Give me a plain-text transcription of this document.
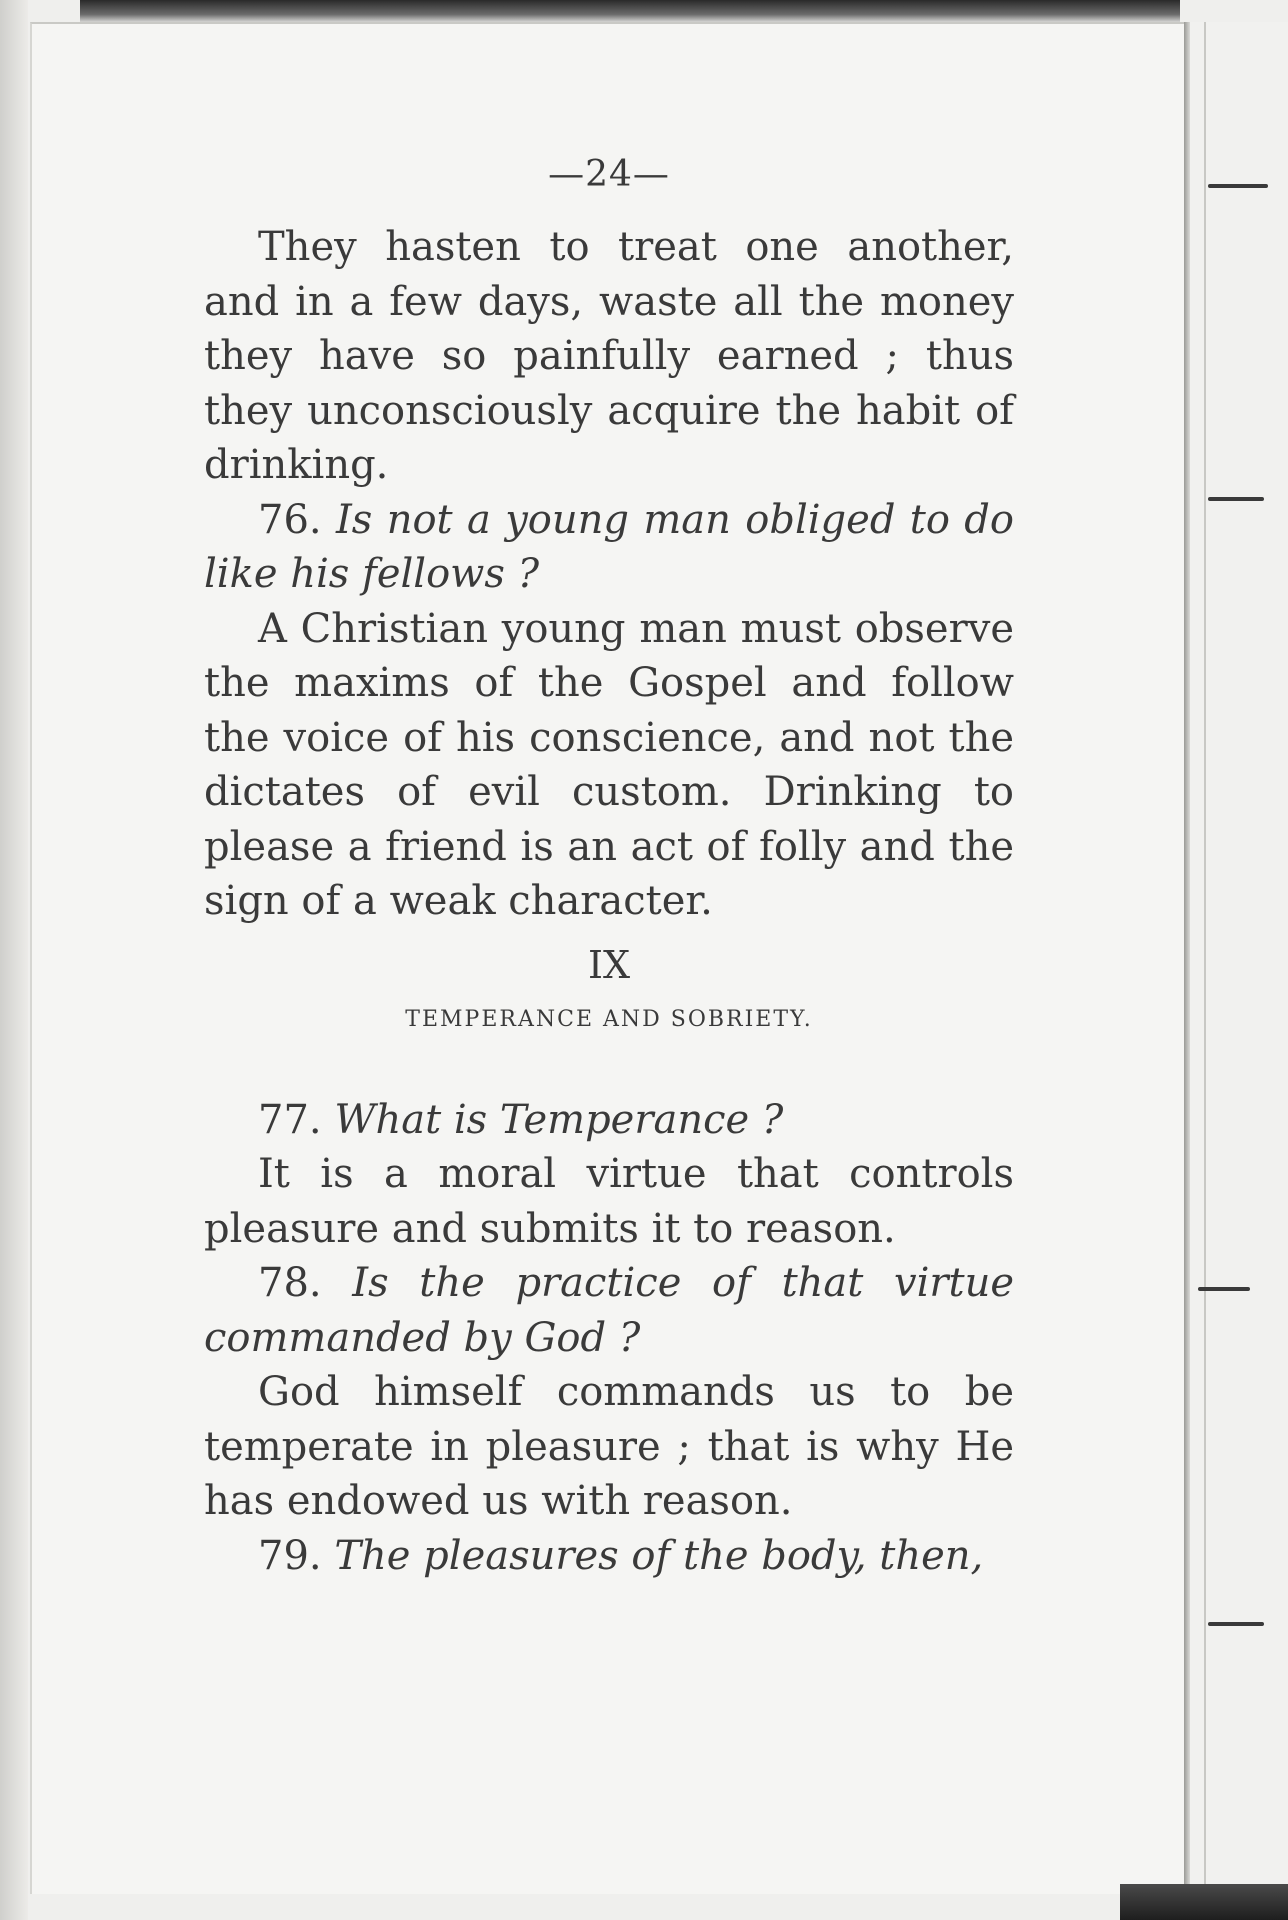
—24—

They hasten to treat one another, and in a few days, waste all the money they have so painfully earned ; thus they unconsciously acquire the habit of drinking.

76. Is not a young man obliged to do like his fellows ?

A Christian young man must observe the maxims of the Gospel and follow the voice of his conscience, and not the dictates of evil custom. Drinking to please a friend is an act of folly and the sign of a weak character.

IX
TEMPERANCE AND SOBRIETY.

77. What is Temperance ?

It is a moral virtue that controls pleasure and submits it to reason.

78. Is the practice of that virtue commanded by God ?

God himself commands us to be temperate in pleasure ; that is why He has endowed us with reason.

79. The pleasures of the body, then,
